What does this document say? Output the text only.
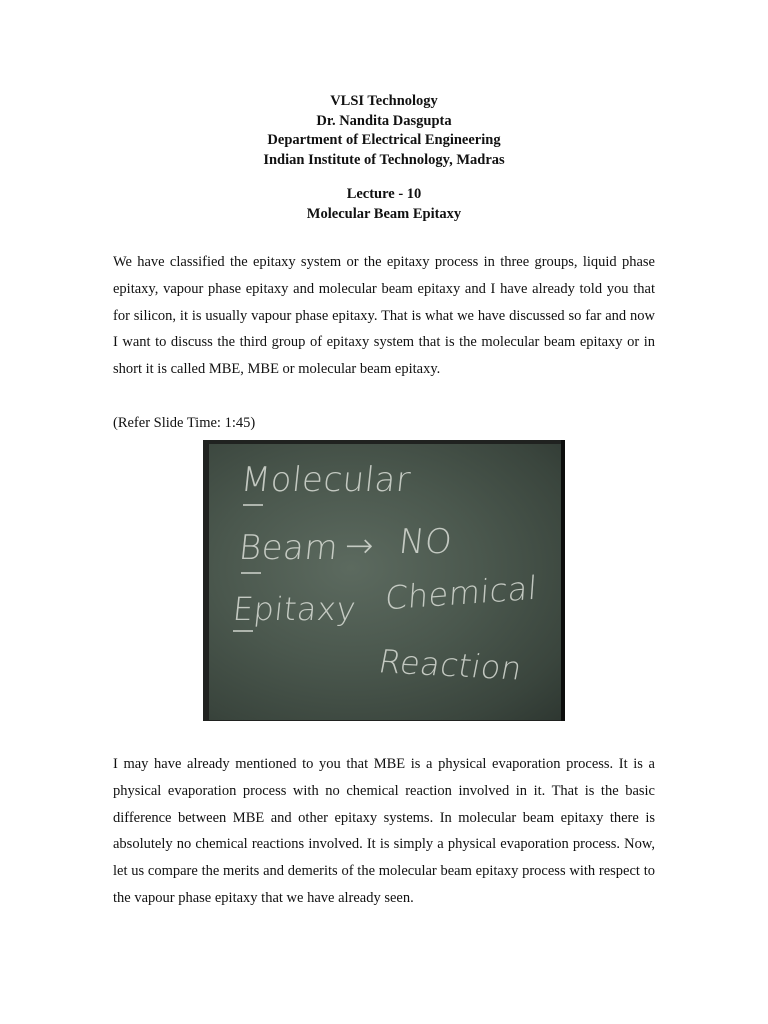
VLSI Technology
Dr. Nandita Dasgupta
Department of Electrical Engineering
Indian Institute of Technology, Madras
Lecture - 10
Molecular Beam Epitaxy

We have classified the epitaxy system or the epitaxy process in three groups, liquid phase epitaxy, vapour phase epitaxy and molecular beam epitaxy and I have already told you that for silicon, it is usually vapour phase epitaxy. That is what we have discussed so far and now I want to discuss the third group of epitaxy system that is the molecular beam epitaxy or in short it is called MBE, MBE or molecular beam epitaxy.

(Refer Slide Time: 1:45)

Molecular
Beam → NO
Epitaxy Chemical
Reaction

I may have already mentioned to you that MBE is a physical evaporation process. It is a physical evaporation process with no chemical reaction involved in it. That is the basic difference between MBE and other epitaxy systems. In molecular beam epitaxy there is absolutely no chemical reactions involved. It is simply a physical evaporation process. Now, let us compare the merits and demerits of the molecular beam epitaxy process with respect to the vapour phase epitaxy that we have already seen.
